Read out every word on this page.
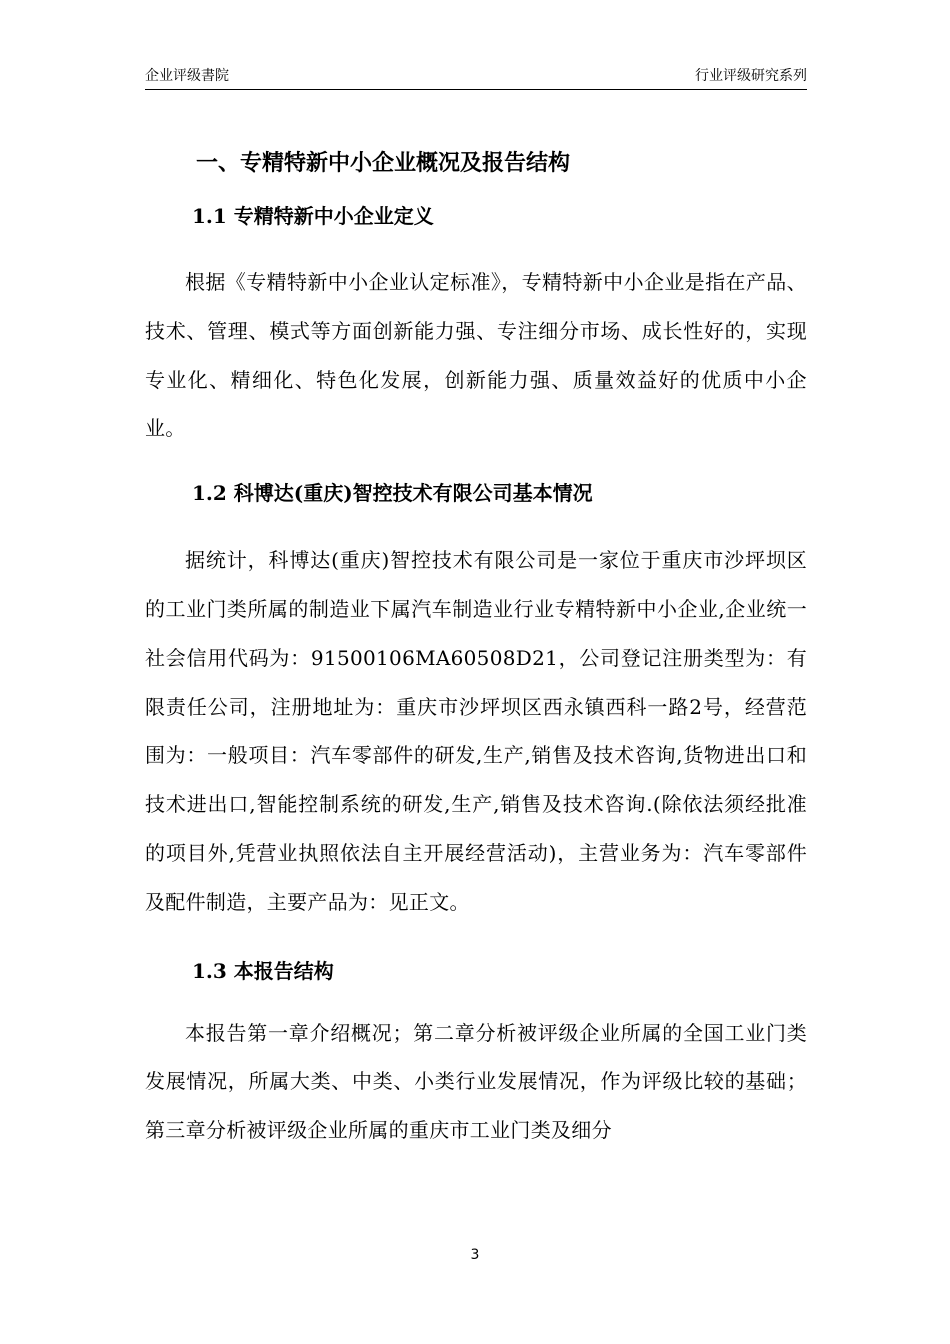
企业评级書院	行业评级研究系列
一、专精特新中小企业概况及报告结构
1.1 专精特新中小企业定义

根据《专精特新中小企业认定标准》，专精特新中小企业是指在产品、技术、管理、模式等方面创新能力强、专注细分市场、成长性好的，实现专业化、精细化、特色化发展，创新能力强、质量效益好的优质中小企业。

1.2 科博达(重庆)智控技术有限公司基本情况

据统计，科博达(重庆)智控技术有限公司是一家位于重庆市沙坪坝区的工业门类所属的制造业下属汽车制造业行业专精特新中小企业,企业统一社会信用代码为：91500106MA60508D21，公司登记注册类型为：有限责任公司，注册地址为：重庆市沙坪坝区西永镇西科一路2号，经营范围为：一般项目：汽车零部件的研发,生产,销售及技术咨询,货物进出口和技术进出口,智能控制系统的研发,生产,销售及技术咨询.(除依法须经批准的项目外,凭营业执照依法自主开展经营活动)，主营业务为：汽车零部件及配件制造，主要产品为：见正文。

1.3 本报告结构

本报告第一章介绍概况；第二章分析被评级企业所属的全国工业门类发展情况，所属大类、中类、小类行业发展情况，作为评级比较的基础；第三章分析被评级企业所属的重庆市工业门类及细分

3
